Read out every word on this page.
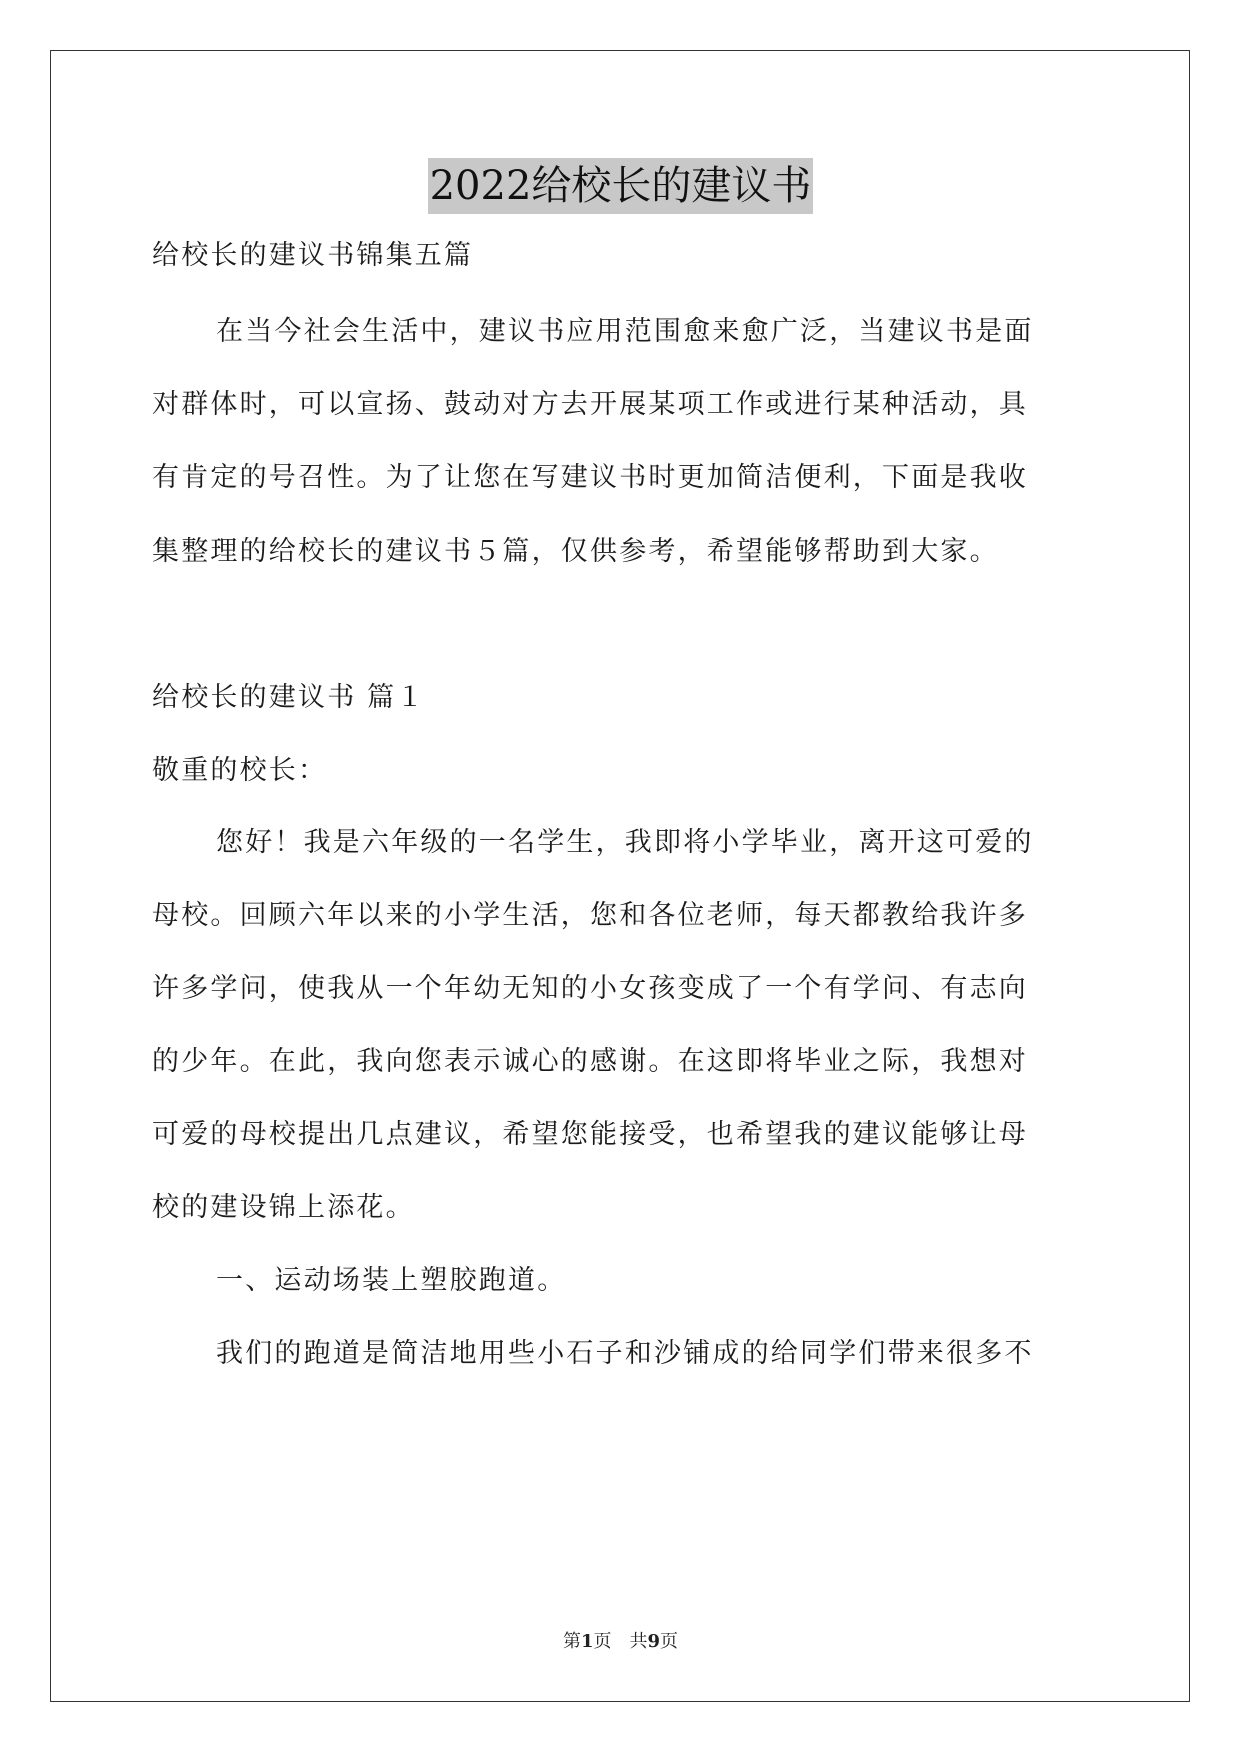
2022给校长的建议书
给校长的建议书锦集五篇
在当今社会生活中，建议书应用范围愈来愈广泛，当建议书是面
对群体时，可以宣扬、鼓动对方去开展某项工作或进行某种活动，具
有肯定的号召性。为了让您在写建议书时更加简洁便利，下面是我收
集整理的给校长的建议书５篇，仅供参考，希望能够帮助到大家。
给校长的建议书 篇１
敬重的校长：
您好！我是六年级的一名学生，我即将小学毕业，离开这可爱的
母校。回顾六年以来的小学生活，您和各位老师，每天都教给我许多
许多学问，使我从一个年幼无知的小女孩变成了一个有学问、有志向
的少年。在此，我向您表示诚心的感谢。在这即将毕业之际，我想对
可爱的母校提出几点建议，希望您能接受，也希望我的建议能够让母
校的建设锦上添花。
一、运动场装上塑胶跑道。
我们的跑道是简洁地用些小石子和沙铺成的给同学们带来很多不
第1页 共9页
